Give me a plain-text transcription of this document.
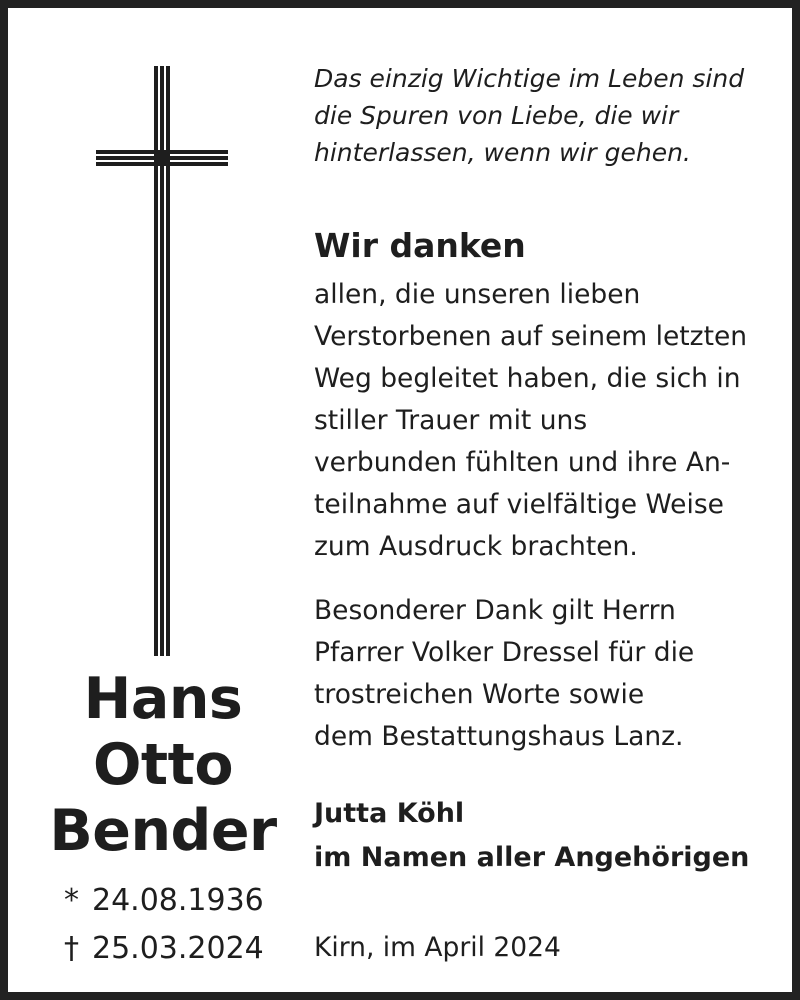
Hans
Otto
Bender
* 24.08.1936
† 25.03.2024
Das einzig Wichtige im Leben sind
die Spuren von Liebe, die wir
hinterlassen, wenn wir gehen.
Wir danken
allen, die unseren lieben
Verstorbenen auf seinem letzten
Weg begleitet haben, die sich in
stiller Trauer mit uns
verbunden fühlten und ihre An-
teilnahme auf vielfältige Weise
zum Ausdruck brachten.
Besonderer Dank gilt Herrn
Pfarrer Volker Dressel für die
trostreichen Worte sowie
dem Bestattungshaus Lanz.
Jutta Köhl
im Namen aller Angehörigen
Kirn, im April 2024
